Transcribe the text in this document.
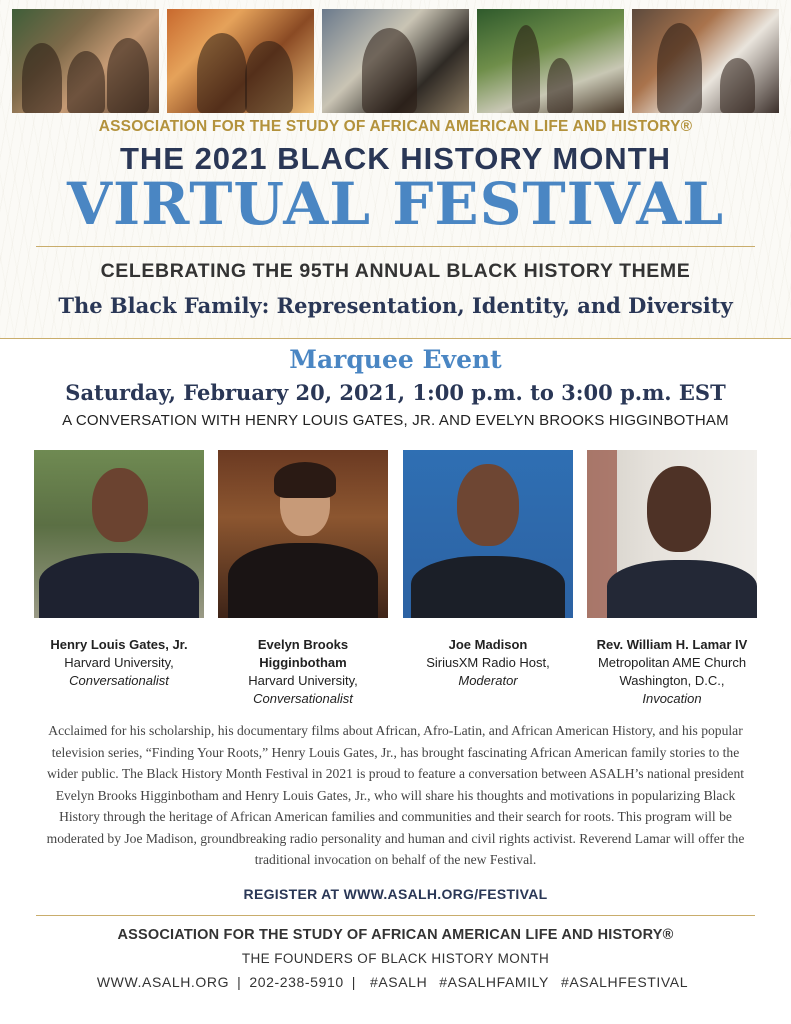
ASSOCIATION FOR THE STUDY OF AFRICAN AMERICAN LIFE AND HISTORY®
THE 2021 BLACK HISTORY MONTH
VIRTUAL FESTIVAL
CELEBRATING THE 95TH ANNUAL BLACK HISTORY THEME
The Black Family: Representation, Identity, and Diversity
Marquee Event
Saturday, February 20, 2021, 1:00 p.m. to 3:00 p.m. EST
A CONVERSATION WITH HENRY LOUIS GATES, JR. AND EVELYN BROOKS HIGGINBOTHAM
Henry Louis Gates, Jr.
Harvard University,
Conversationalist
Evelyn Brooks Higginbotham
Harvard University,
Conversationalist
Joe Madison
SiriusXM Radio Host,
Moderator
Rev. William H. Lamar IV
Metropolitan AME Church
Washington, D.C.,
Invocation
Acclaimed for his scholarship, his documentary films about African, Afro-Latin, and African American History, and his popular television series, “Finding Your Roots,” Henry Louis Gates, Jr., has brought fascinating African American family stories to the wider public. The Black History Month Festival in 2021 is proud to feature a conversation between ASALH’s national president Evelyn Brooks Higginbotham and Henry Louis Gates, Jr., who will share his thoughts and motivations in popularizing Black History through the heritage of African American families and communities and their search for roots. This program will be moderated by Joe Madison, groundbreaking radio personality and human and civil rights activist. Reverend Lamar will offer the traditional invocation on behalf of the new Festival.
REGISTER AT WWW.ASALH.ORG/FESTIVAL
ASSOCIATION FOR THE STUDY OF AFRICAN AMERICAN LIFE AND HISTORY®
THE FOUNDERS OF BLACK HISTORY MONTH
WWW.ASALH.ORG | 202-238-5910 | #ASALH #ASALHFAMILY #ASALHFESTIVAL
